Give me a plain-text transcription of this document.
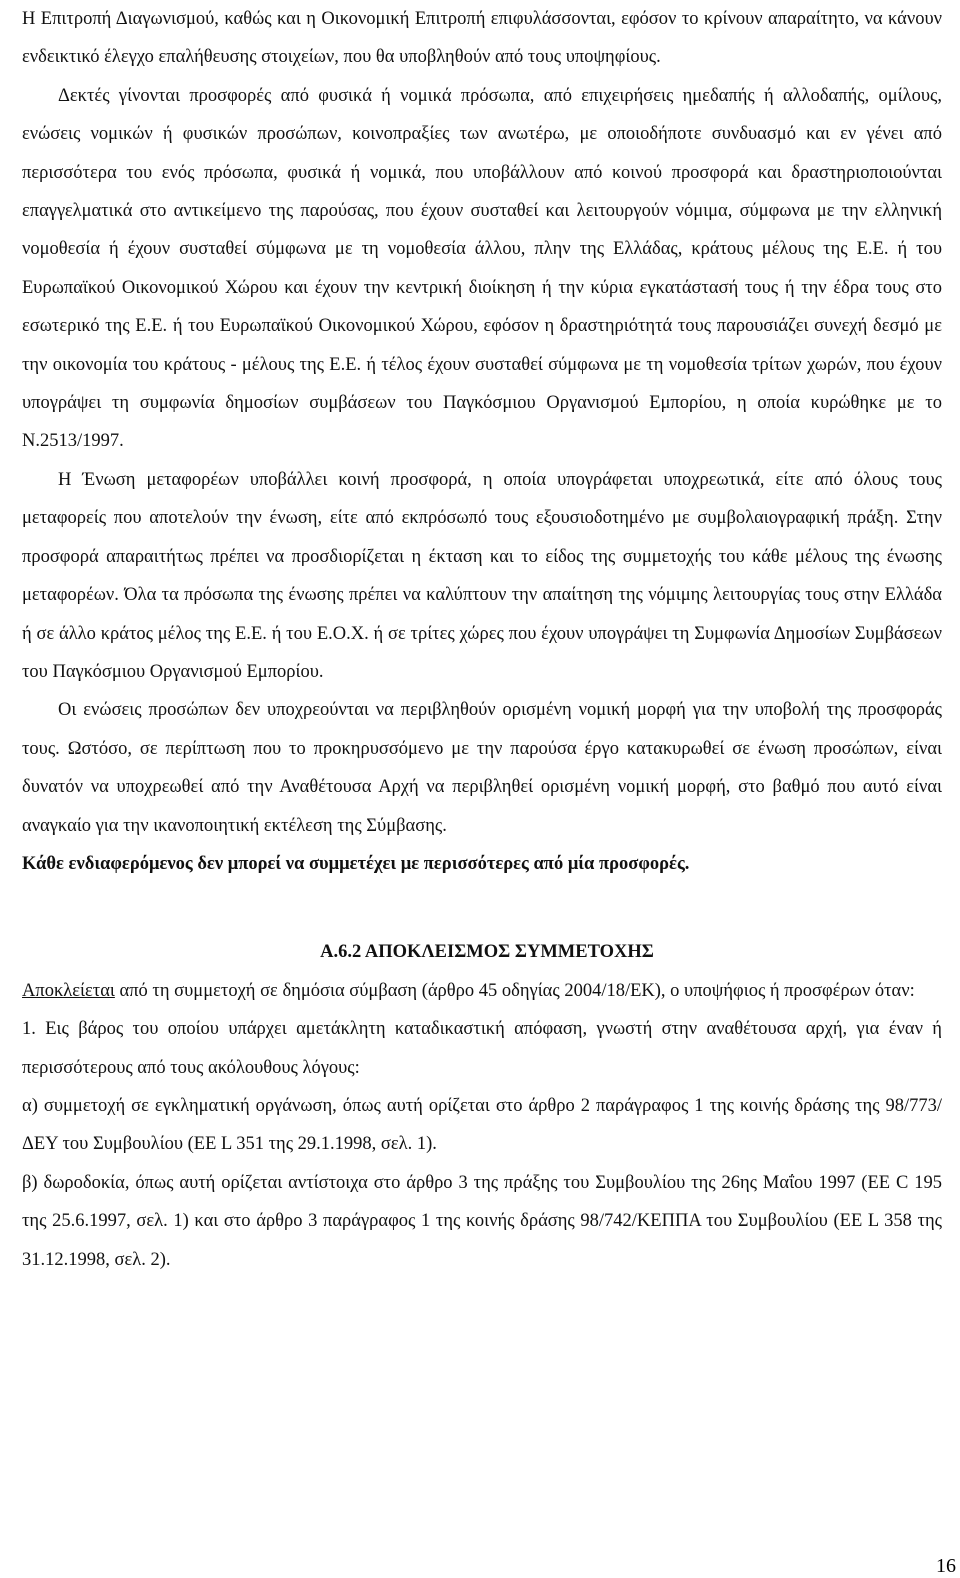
Η Επιτροπή Διαγωνισμού, καθώς και η Οικονομική Επιτροπή επιφυλάσσονται, εφόσον το κρίνουν απαραίτητο, να κάνουν ενδεικτικό έλεγχο επαλήθευσης στοιχείων, που θα υποβληθούν από τους υποψηφίους.

Δεκτές γίνονται προσφορές από φυσικά ή νομικά πρόσωπα, από επιχειρήσεις ημεδαπής ή αλλοδαπής, ομίλους, ενώσεις νομικών ή φυσικών προσώπων, κοινοπραξίες των ανωτέρω, με οποιοδήποτε συνδυασμό και εν γένει από περισσότερα του ενός πρόσωπα, φυσικά ή νομικά, που υποβάλλουν από κοινού προσφορά και δραστηριοποιούνται επαγγελματικά στο αντικείμενο της παρούσας, που έχουν συσταθεί και λειτουργούν νόμιμα, σύμφωνα με την ελληνική νομοθεσία ή έχουν συσταθεί σύμφωνα με τη νομοθεσία άλλου, πλην της Ελλάδας, κράτους μέλους της Ε.Ε. ή του Ευρωπαϊκού Οικονομικού Χώρου και έχουν την κεντρική διοίκηση ή την κύρια εγκατάστασή τους ή την έδρα τους στο εσωτερικό της Ε.Ε. ή του Ευρωπαϊκού Οικονομικού Χώρου, εφόσον η δραστηριότητά τους παρουσιάζει συνεχή δεσμό με την οικονομία του κράτους - μέλους της Ε.Ε. ή τέλος έχουν συσταθεί σύμφωνα με τη νομοθεσία τρίτων χωρών, που έχουν υπογράψει τη συμφωνία δημοσίων συμβάσεων του Παγκόσμιου Οργανισμού Εμπορίου, η οποία κυρώθηκε με το Ν.2513/1997.

Η Ένωση μεταφορέων υποβάλλει κοινή προσφορά, η οποία υπογράφεται υποχρεωτικά, είτε από όλους τους μεταφορείς που αποτελούν την ένωση, είτε από εκπρόσωπό τους εξουσιοδοτημένο με συμβολαιογραφική πράξη. Στην προσφορά απαραιτήτως πρέπει να προσδιορίζεται η έκταση και το είδος της συμμετοχής του κάθε μέλους της ένωσης μεταφορέων. Όλα τα πρόσωπα της ένωσης πρέπει να καλύπτουν την απαίτηση της νόμιμης λειτουργίας τους στην Ελλάδα ή σε άλλο κράτος μέλος της Ε.Ε. ή του Ε.Ο.Χ. ή σε τρίτες χώρες που έχουν υπογράψει τη Συμφωνία Δημοσίων Συμβάσεων του Παγκόσμιου Οργανισμού Εμπορίου.

Οι ενώσεις προσώπων δεν υποχρεούνται να περιβληθούν ορισμένη νομική μορφή για την υποβολή της προσφοράς τους. Ωστόσο, σε περίπτωση που το προκηρυσσόμενο με την παρούσα έργο κατακυρωθεί σε ένωση προσώπων, είναι δυνατόν να υποχρεωθεί από την Αναθέτουσα Αρχή να περιβληθεί ορισμένη νομική μορφή, στο βαθμό που αυτό είναι αναγκαίο για την ικανοποιητική εκτέλεση της Σύμβασης.

Κάθε ενδιαφερόμενος δεν μπορεί να συμμετέχει με περισσότερες από μία προσφορές.

Α.6.2 ΑΠΟΚΛΕΙΣΜΟΣ ΣΥΜΜΕΤΟΧΗΣ

Αποκλείεται από τη συμμετοχή σε δημόσια σύμβαση (άρθρο 45 οδηγίας 2004/18/ΕΚ), ο υποψήφιος ή προσφέρων όταν:

1. Εις βάρος του οποίου υπάρχει αμετάκλητη καταδικαστική απόφαση, γνωστή στην αναθέτουσα αρχή, για έναν ή περισσότερους από τους ακόλουθους λόγους:

α) συμμετοχή σε εγκληματική οργάνωση, όπως αυτή ορίζεται στο άρθρο 2 παράγραφος 1 της κοινής δράσης της 98/773/ΔΕΥ του Συμβουλίου (ΕΕ L 351 της 29.1.1998, σελ. 1).

β) δωροδοκία, όπως αυτή ορίζεται αντίστοιχα στο άρθρο 3 της πράξης του Συμβουλίου της 26ης Μαΐου 1997 (ΕΕ C 195 της 25.6.1997, σελ. 1) και στο άρθρο 3 παράγραφος 1 της κοινής δράσης 98/742/ΚΕΠΠΑ του Συμβουλίου (ΕΕ L 358 της 31.12.1998, σελ. 2).

16
